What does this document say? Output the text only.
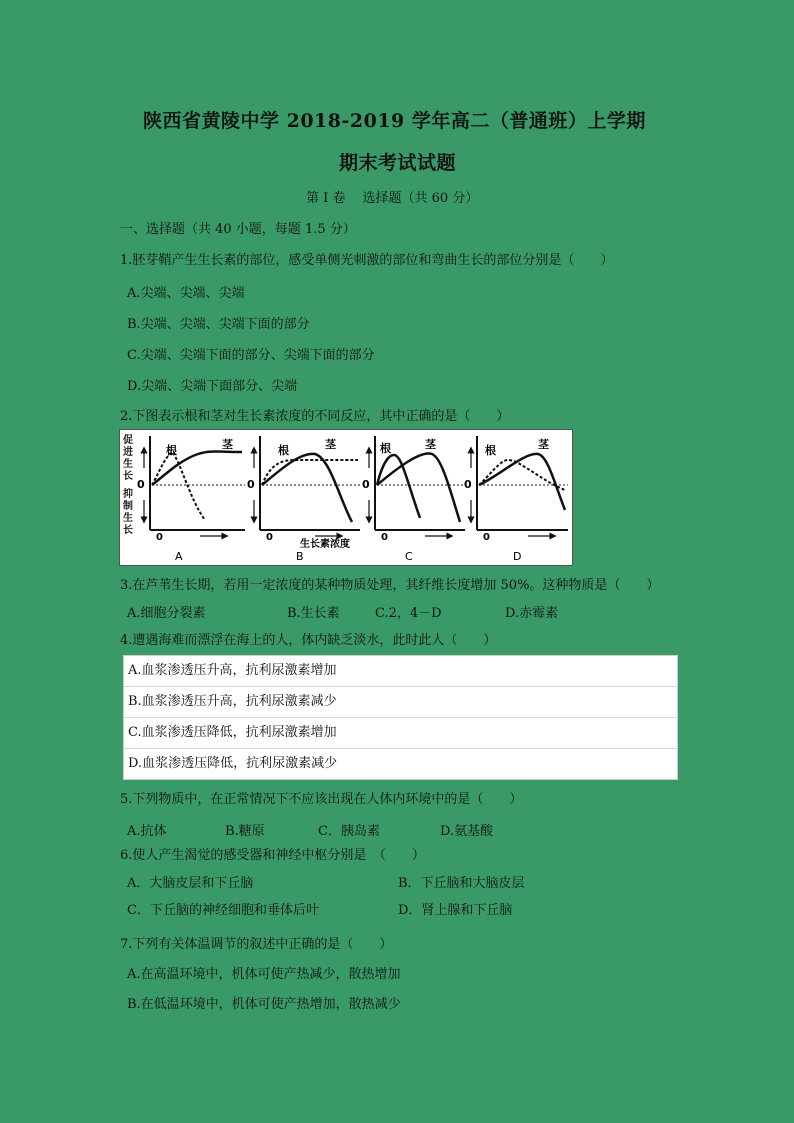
陕西省黄陵中学 2018-2019 学年高二（普通班）上学期
期末考试试题
第 I 卷　 选择题（共 60 分）
一、选择题（共 40 小题，每题 1.5 分）
1.胚芽鞘产生生长素的部位，感受单侧光刺激的部位和弯曲生长的部位分别是（　　）
A.尖端、尖端、尖端
B.尖端、尖端、尖端下面的部分
C.尖端、尖端下面的部分、尖端下面的部分
D.尖端、尖端下面部分、尖端
2.下图表示根和茎对生长素浓度的不同反应，其中正确的是（　　）
促
进
生
长
抑
制
生
长
0
0
根	茎
A
0
0
根	茎
B
0
0
根	茎
C
0
0
根	茎
D
生长素浓度
3.在芦苇生长期，若用一定浓度的某种物质处理，其纤维长度增加 50%。这种物质是（　　）
A.细胞分裂素	B.生长素	C.2，4－D	D.赤霉素
4.遭遇海难而漂浮在海上的人，体内缺乏淡水，此时此人（　　）
A.血浆渗透压升高，抗利尿激素增加
B.血浆渗透压升高，抗利尿激素减少
C.血浆渗透压降低，抗利尿激素增加
D.血浆渗透压降低，抗利尿激素减少
5.下列物质中，在正常情况下不应该出现在人体内环境中的是（　　）
A.抗体	B.糖原	C．胰岛素	D.氨基酸
6.使人产生渴觉的感受器和神经中枢分别是　（　　）
A．大脑皮层和下丘脑	B．下丘脑和大脑皮层
C．下丘脑的神经细胞和垂体后叶	D．肾上腺和下丘脑
7.下列有关体温调节的叙述中正确的是（　　）
A.在高温环境中，机体可使产热减少，散热增加
B.在低温环境中，机体可使产热增加，散热减少
